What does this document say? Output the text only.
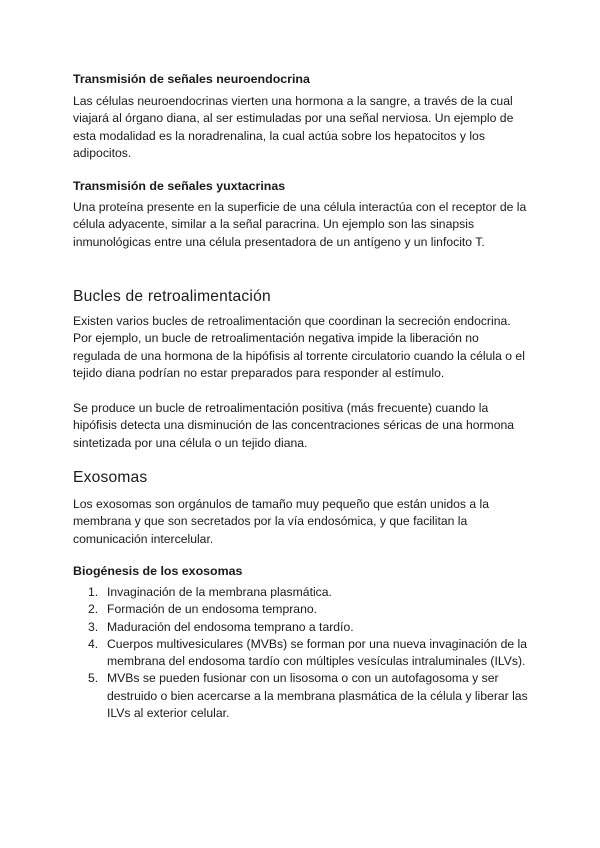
Transmisión de señales neuroendocrina

Las células neuroendocrinas vierten una hormona a la sangre, a través de la cual viajará al órgano diana, al ser estimuladas por una señal nerviosa. Un ejemplo de esta modalidad es la noradrenalina, la cual actúa sobre los hepatocitos y los adipocitos.

Transmisión de señales yuxtacrinas

Una proteína presente en la superficie de una célula interactúa con el receptor de la célula adyacente, similar a la señal paracrina. Un ejemplo son las sinapsis inmunológicas entre una célula presentadora de un antígeno y un linfocito T.

Bucles de retroalimentación

Existen varios bucles de retroalimentación que coordinan la secreción endocrina. Por ejemplo, un bucle de retroalimentación negativa impide la liberación no regulada de una hormona de la hipófisis al torrente circulatorio cuando la célula o el tejido diana podrían no estar preparados para responder al estímulo.

Se produce un bucle de retroalimentación positiva (más frecuente) cuando la hipófisis detecta una disminución de las concentraciones séricas de una hormona sintetizada por una célula o un tejido diana.

Exosomas

Los exosomas son orgánulos de tamaño muy pequeño que están unidos a la membrana y que son secretados por la vía endosómica, y que facilitan la comunicación intercelular.

Biogénesis de los exosomas
1. Invaginación de la membrana plasmática.
2. Formación de un endosoma temprano.
3. Maduración del endosoma temprano a tardío.
4. Cuerpos multivesiculares (MVBs) se forman por una nueva invaginación de la membrana del endosoma tardío con múltiples vesículas intraluminales (ILVs).
5. MVBs se pueden fusionar con un lisosoma o con un autofagosoma y ser destruido o bien acercarse a la membrana plasmática de la célula y liberar las ILVs al exterior celular.
